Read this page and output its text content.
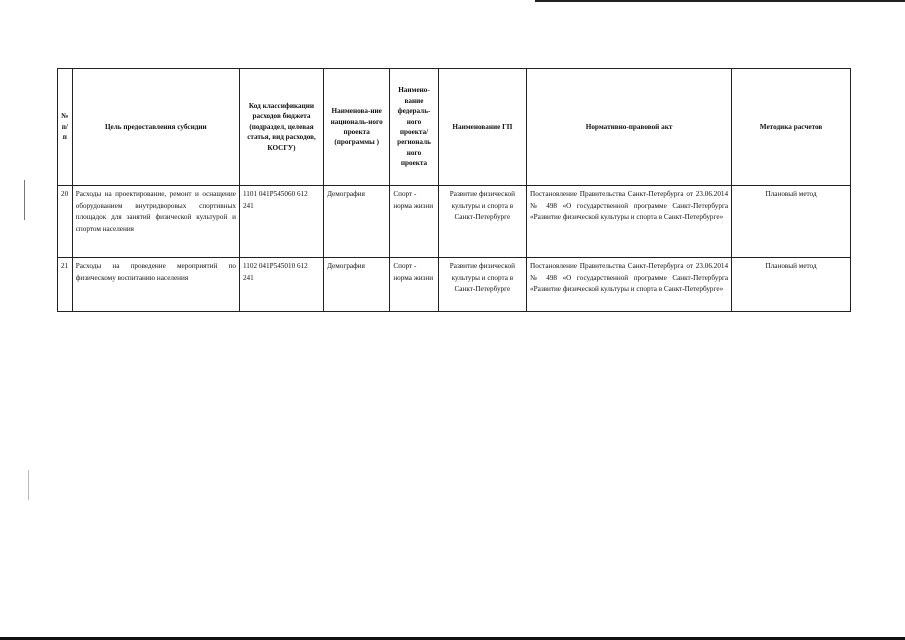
№
п/
п	Цель предоставления субсидии	Код классификации расходов бюджета (подраздел, целевая статья, вид расходов, КОСГУ)	Наименова-ние националь-ного проекта (программы )	Наимено-вание федераль-ного проекта/ региональ ного проекта	Наименование ГП	Нормативно-правовой акт	Методика расчетов
20	Расходы на проектирование, ремонт и оснащение оборудованием внутридворовых спортивных площадок для занятий физической культурой и спортом населения	1101 041P545060 612 241	Демография	Спорт - норма жизни	Развитие физической культуры и спорта в Санкт-Петербурге	Постановление Правительства Санкт-Петербурга от 23.06.2014 № 498 «О государственной программе Санкт-Петербурга «Развитие физической культуры и спорта в Санкт-Петербурге»	Плановый метод
21	Расходы на проведение мероприятий по физическому воспитанию населения	1102 041P545010 612 241	Демография	Спорт - норма жизни	Развитие физической культуры и спорта в Санкт-Петербурге	Постановление Правительства Санкт-Петербурга от 23.06.2014 № 498 «О государственной программе Санкт-Петербурга «Развитие физической культуры и спорта в Санкт-Петербурге»	Плановый метод
